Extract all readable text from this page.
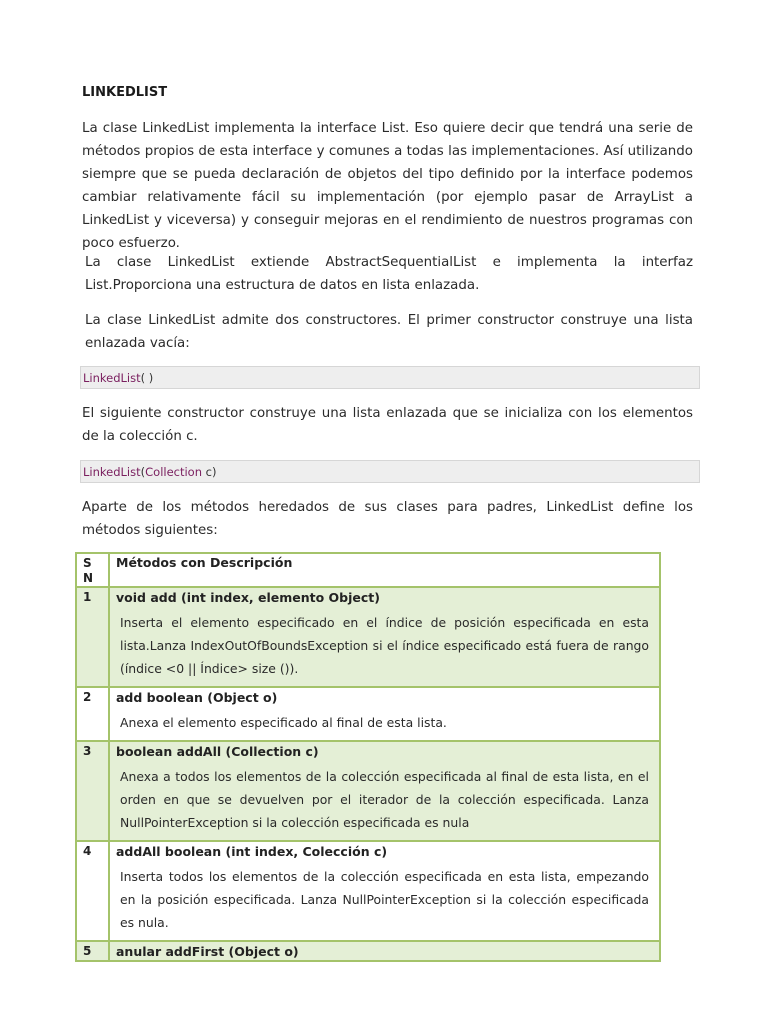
LINKEDLIST
La clase LinkedList implementa la interface List. Eso quiere decir que tendrá una serie de métodos propios de esta interface y comunes a todas las implementaciones. Así utilizando siempre que se pueda declaración de objetos del tipo definido por la interface podemos cambiar relativamente fácil su implementación (por ejemplo pasar de ArrayList a LinkedList y viceversa) y conseguir mejoras en el rendimiento de nuestros programas con poco esfuerzo.
La clase LinkedList extiende AbstractSequentialList e implementa la interfaz List.Proporciona una estructura de datos en lista enlazada.
La clase LinkedList admite dos constructores. El primer constructor construye una lista enlazada vacía:
LinkedList( )
El siguiente constructor construye una lista enlazada que se inicializa con los elementos de la colección c.
LinkedList(Collection c)
Aparte de los métodos heredados de sus clases para padres, LinkedList define los métodos siguientes:
S
N	Métodos con Descripción

1	void add (int index, elemento Object)
Inserta el elemento especificado en el índice de posición especificada en esta lista.Lanza IndexOutOfBoundsException si el índice especificado está fuera de rango (índice <0 || Índice> size ()).

2	add boolean (Object o)
Anexa el elemento especificado al final de esta lista.

3	boolean addAll (Collection c)
Anexa a todos los elementos de la colección especificada al final de esta lista, en el orden en que se devuelven por el iterador de la colección especificada. Lanza NullPointerException si la colección especificada es nula

4	addAll boolean (int index, Colección c)
Inserta todos los elementos de la colección especificada en esta lista, empezando en la posición especificada. Lanza NullPointerException si la colección especificada es nula.

5	anular addFirst (Object o)
